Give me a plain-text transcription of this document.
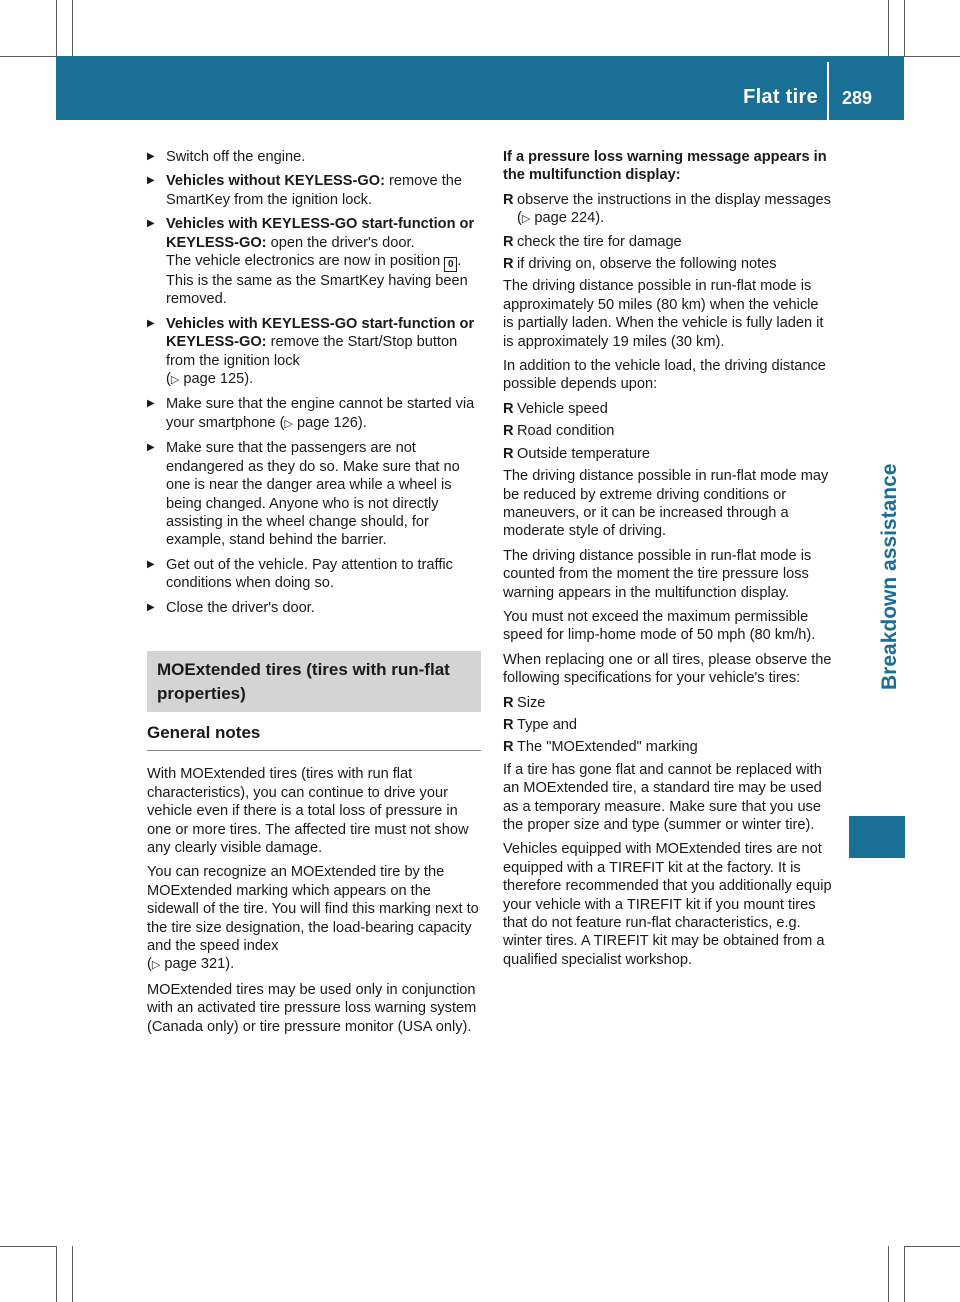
Flat tire 289
Breakdown assistance
▶ Switch off the engine.
▶ Vehicles without KEYLESS-GO: remove the SmartKey from the ignition lock.
▶ Vehicles with KEYLESS-GO start-function or KEYLESS-GO: open the driver's door.
The vehicle electronics are now in position 0 . This is the same as the SmartKey having been removed.
▶ Vehicles with KEYLESS-GO start-function or KEYLESS-GO: remove the Start/Stop button from the ignition lock
(▷ page 125).
▶ Make sure that the engine cannot be started via your smartphone (▷ page 126).
▶ Make sure that the passengers are not endangered as they do so. Make sure that no one is near the danger area while a wheel is being changed. Anyone who is not directly assisting in the wheel change should, for example, stand behind the barrier.
▶ Get out of the vehicle. Pay attention to traffic conditions when doing so.
▶ Close the driver's door.
MOExtended tires (tires with run-flat properties)
General notes

With MOExtended tires (tires with run flat characteristics), you can continue to drive your vehicle even if there is a total loss of pressure in one or more tires. The affected tire must not show any clearly visible damage.

You can recognize an MOExtended tire by the MOExtended marking which appears on the sidewall of the tire. You will find this marking next to the tire size designation, the load-bearing capacity and the speed index
(▷ page 321).

MOExtended tires may be used only in conjunction with an activated tire pressure loss warning system (Canada only) or tire pressure monitor (USA only).

If a pressure loss warning message appears in the multifunction display:
R observe the instructions in the display messages (▷ page 224).
R check the tire for damage
R if driving on, observe the following notes

The driving distance possible in run-flat mode is approximately 50 miles (80 km) when the vehicle is partially laden. When the vehicle is fully laden it is approximately 19 miles (30 km).

In addition to the vehicle load, the driving distance possible depends upon:

R Vehicle speed
R Road condition
R Outside temperature

The driving distance possible in run-flat mode may be reduced by extreme driving conditions or maneuvers, or it can be increased through a moderate style of driving.

The driving distance possible in run-flat mode is counted from the moment the tire pressure loss warning appears in the multifunction display.

You must not exceed the maximum permissible speed for limp-home mode of 50 mph (80 km/h).

When replacing one or all tires, please observe the following specifications for your vehicle's tires:

R Size
R Type and
R The "MOExtended" marking

If a tire has gone flat and cannot be replaced with an MOExtended tire, a standard tire may be used as a temporary measure. Make sure that you use the proper size and type (summer or winter tire).

Vehicles equipped with MOExtended tires are not equipped with a TIREFIT kit at the factory. It is therefore recommended that you additionally equip your vehicle with a TIREFIT kit if you mount tires that do not feature run-flat characteristics, e.g. winter tires. A TIREFIT kit may be obtained from a qualified specialist workshop.
